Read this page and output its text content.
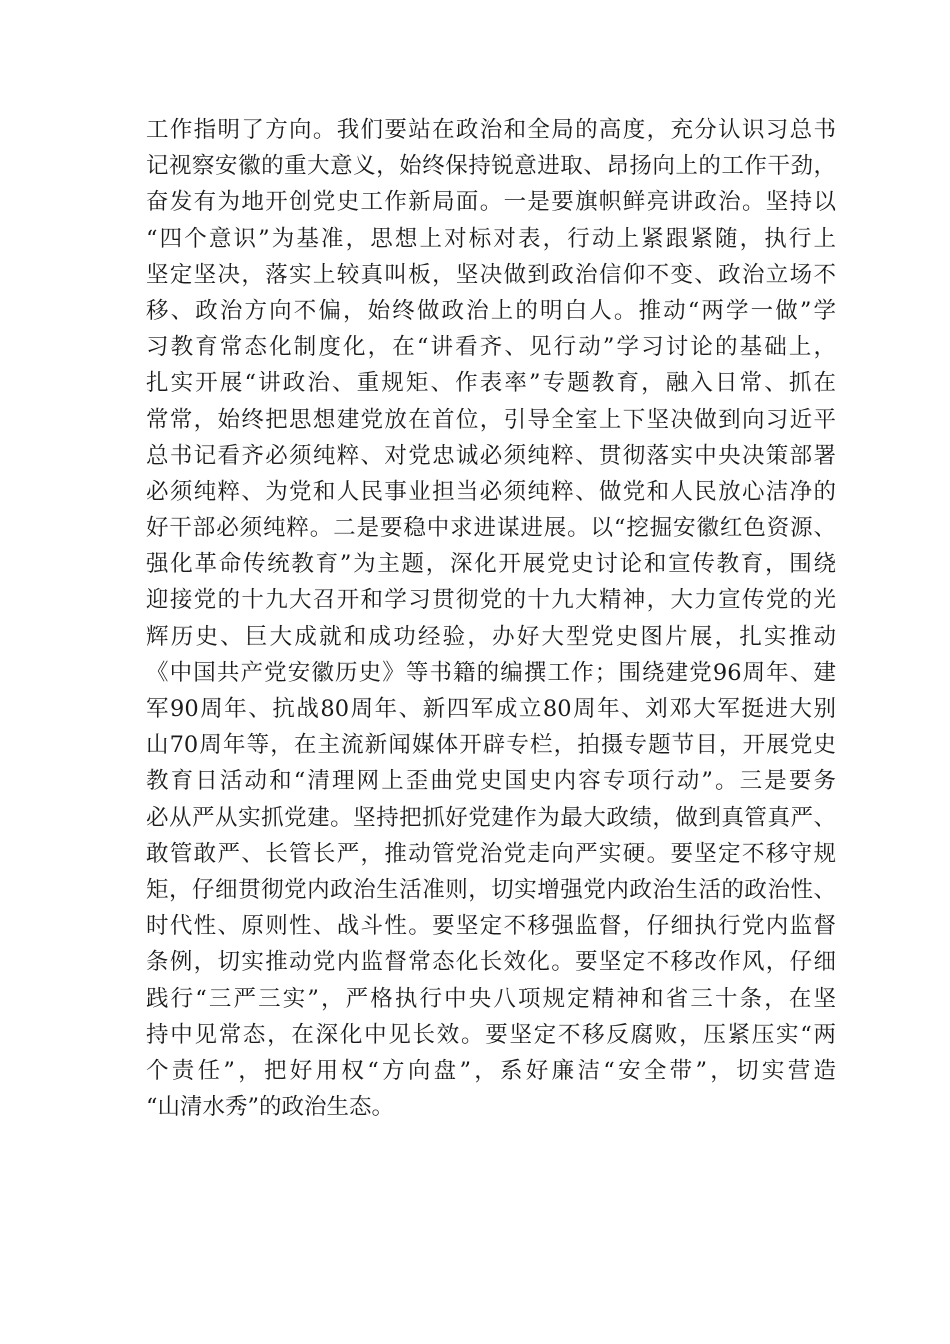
工作指明了方向。我们要站在政治和全局的高度，充分认识习总书
记视察安徽的重大意义，始终保持锐意进取、昂扬向上的工作干劲，
奋发有为地开创党史工作新局面。一是要旗帜鲜亮讲政治。坚持以
“四个意识”为基准，思想上对标对表，行动上紧跟紧随，执行上
坚定坚决，落实上较真叫板，坚决做到政治信仰不变、政治立场不
移、政治方向不偏，始终做政治上的明白人。推动“两学一做”学
习教育常态化制度化，在“讲看齐、见行动”学习讨论的基础上，
扎实开展“讲政治、重规矩、作表率”专题教育，融入日常、抓在
常常，始终把思想建党放在首位，引导全室上下坚决做到向习近平
总书记看齐必须纯粹、对党忠诚必须纯粹、贯彻落实中央决策部署
必须纯粹、为党和人民事业担当必须纯粹、做党和人民放心洁净的
好干部必须纯粹。二是要稳中求进谋进展。以“挖掘安徽红色资源、
强化革命传统教育”为主题，深化开展党史讨论和宣传教育，围绕
迎接党的十九大召开和学习贯彻党的十九大精神，大力宣传党的光
辉历史、巨大成就和成功经验，办好大型党史图片展，扎实推动
《中国共产党安徽历史》等书籍的编撰工作；围绕建党96周年、建
军90周年、抗战80周年、新四军成立80周年、刘邓大军挺进大别
山70周年等，在主流新闻媒体开辟专栏，拍摄专题节目，开展党史
教育日活动和“清理网上歪曲党史国史内容专项行动”。三是要务
必从严从实抓党建。坚持把抓好党建作为最大政绩，做到真管真严、
敢管敢严、长管长严，推动管党治党走向严实硬。要坚定不移守规
矩，仔细贯彻党内政治生活准则，切实增强党内政治生活的政治性、
时代性、原则性、战斗性。要坚定不移强监督，仔细执行党内监督
条例，切实推动党内监督常态化长效化。要坚定不移改作风，仔细
践行“三严三实”，严格执行中央八项规定精神和省三十条，在坚
持中见常态，在深化中见长效。要坚定不移反腐败，压紧压实“两
个责任”，把好用权“方向盘”，系好廉洁“安全带”，切实营造
“山清水秀”的政治生态。
